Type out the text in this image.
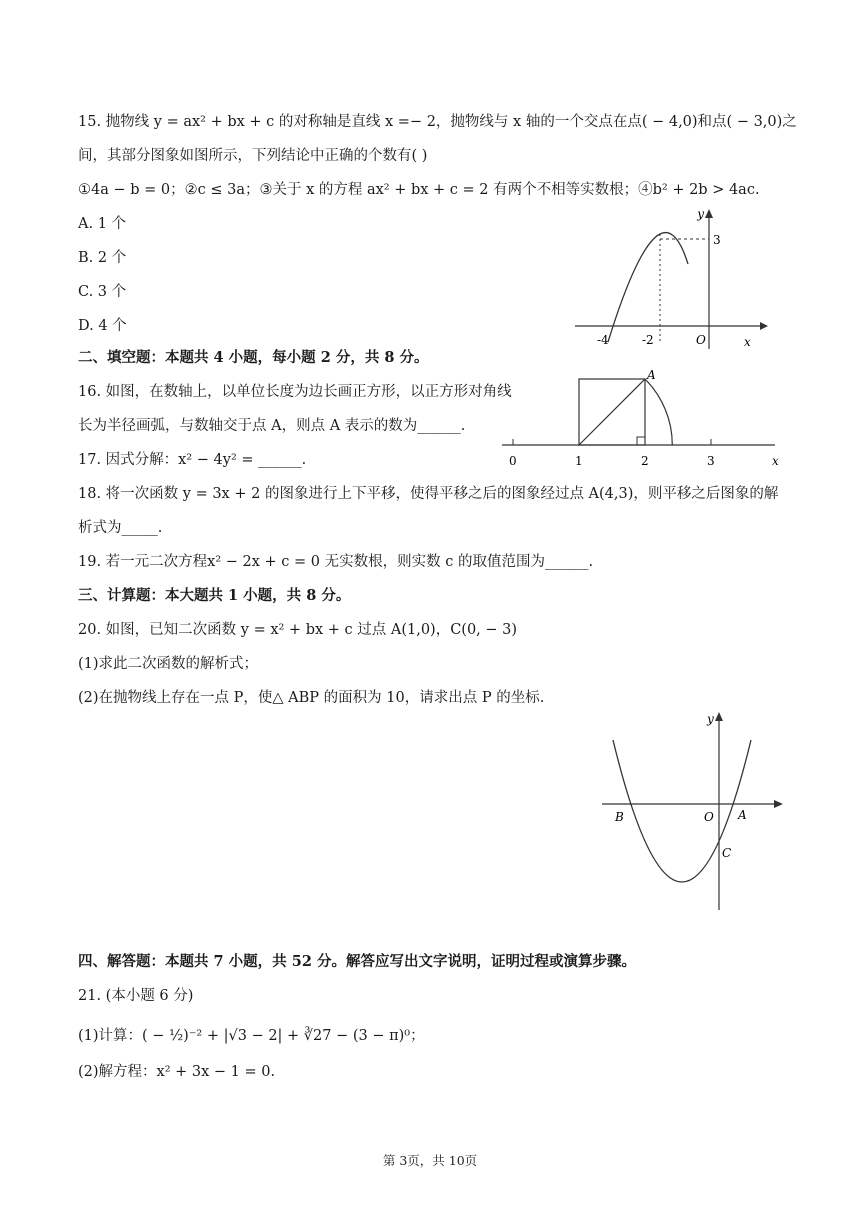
15. 抛物线 y = ax² + bx + c 的对称轴是直线 x =− 2，抛物线与 x 轴的一个交点在点( − 4,0)和点( − 3,0)之
间，其部分图象如图所示，下列结论中正确的个数有( )
①4a − b = 0；②c ≤ 3a；③关于 x 的方程 ax² + bx + c = 2 有两个不相等实数根；④b² + 2b > 4ac.
A. 1 个
B. 2 个
C. 3 个
D. 4 个
y
3
-4	-2	O	x
二、填空题：本题共 4 小题，每小题 2 分，共 8 分。
16. 如图，在数轴上，以单位长度为边长画正方形，以正方形对角线
长为半径画弧，与数轴交于点 A，则点 A 表示的数为______.
A
0	1	2	3	x
17. 因式分解：x² − 4y² = ______.
18. 将一次函数 y = 3x + 2 的图象进行上下平移，使得平移之后的图象经过点 A(4,3)，则平移之后图象的解
析式为_____.
19. 若一元二次方程x² − 2x + c = 0 无实数根，则实数 c 的取值范围为______.
三、计算题：本大题共 1 小题，共 8 分。
20. 如图，已知二次函数 y = x² + bx + c 过点 A(1,0)，C(0, − 3)
(1)求此二次函数的解析式；
(2)在抛物线上存在一点 P，使△ ABP 的面积为 10，请求出点 P 的坐标.
y
B	O A
C
四、解答题：本题共 7 小题，共 52 分。解答应写出文字说明，证明过程或演算步骤。
21. (本小题 6 分)
(1)计算：( − ½)⁻² + |√3 − 2| + ∛27 − (3 − π)⁰；
(2)解方程：x² + 3x − 1 = 0.
第 3页，共 10页
